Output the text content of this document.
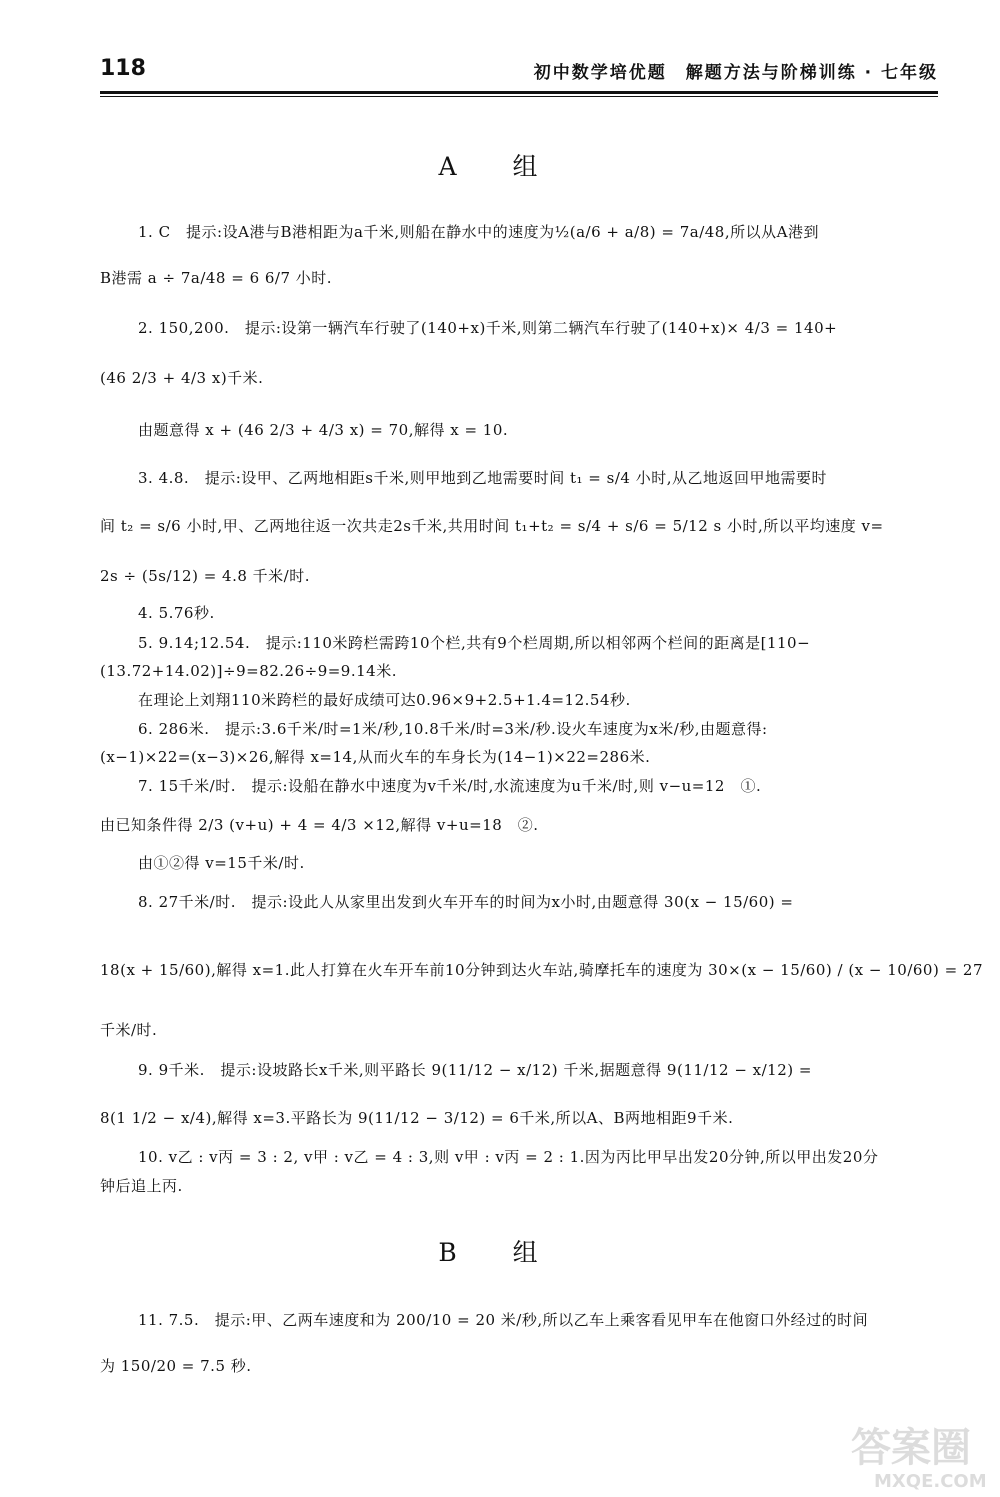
118	初中数学培优题　解题方法与阶梯训练 · 七年级
A 组
1. C　提示:设A港与B港相距为a千米,则船在静水中的速度为½(a/6 + a/8) = 7a/48,所以从A港到
B港需 a ÷ 7a/48 = 6 6/7 小时.
2. 150,200.　提示:设第一辆汽车行驶了(140+x)千米,则第二辆汽车行驶了(140+x)× 4/3 = 140+
(46 2/3 + 4/3 x)千米.
由题意得 x + (46 2/3 + 4/3 x) = 70,解得 x = 10.
3. 4.8.　提示:设甲、乙两地相距s千米,则甲地到乙地需要时间 t₁ = s/4 小时,从乙地返回甲地需要时
间 t₂ = s/6 小时,甲、乙两地往返一次共走2s千米,共用时间 t₁+t₂ = s/4 + s/6 = 5/12 s 小时,所以平均速度 v=
2s ÷ (5s/12) = 4.8 千米/时.
4. 5.76秒.
5. 9.14;12.54.　提示:110米跨栏需跨10个栏,共有9个栏周期,所以相邻两个栏间的距离是[110−
(13.72+14.02)]÷9=82.26÷9=9.14米.
在理论上刘翔110米跨栏的最好成绩可达0.96×9+2.5+1.4=12.54秒.
6. 286米.　提示:3.6千米/时=1米/秒,10.8千米/时=3米/秒.设火车速度为x米/秒,由题意得:
(x−1)×22=(x−3)×26,解得 x=14,从而火车的车身长为(14−1)×22=286米.
7. 15千米/时.　提示:设船在静水中速度为v千米/时,水流速度为u千米/时,则 v−u=12　①.
由已知条件得 2/3 (v+u) + 4 = 4/3 ×12,解得 v+u=18　②.
由①②得 v=15千米/时.
8. 27千米/时.　提示:设此人从家里出发到火车开车的时间为x小时,由题意得 30(x − 15/60) =
18(x + 15/60),解得 x=1.此人打算在火车开车前10分钟到达火车站,骑摩托车的速度为 30×(x − 15/60) / (x − 10/60) = 27
千米/时.
9. 9千米.　提示:设坡路长x千米,则平路长 9(11/12 − x/12) 千米,据题意得 9(11/12 − x/12) =
8(1 1/2 − x/4),解得 x=3.平路长为 9(11/12 − 3/12) = 6千米,所以A、B两地相距9千米.
10. v乙 : v丙 = 3 : 2, v甲 : v乙 = 4 : 3,则 v甲 : v丙 = 2 : 1.因为丙比甲早出发20分钟,所以甲出发20分
钟后追上丙.
B 组
11. 7.5.　提示:甲、乙两车速度和为 200/10 = 20 米/秒,所以乙车上乘客看见甲车在他窗口外经过的时间
为 150/20 = 7.5 秒.
答案圈
MXQE.COM
